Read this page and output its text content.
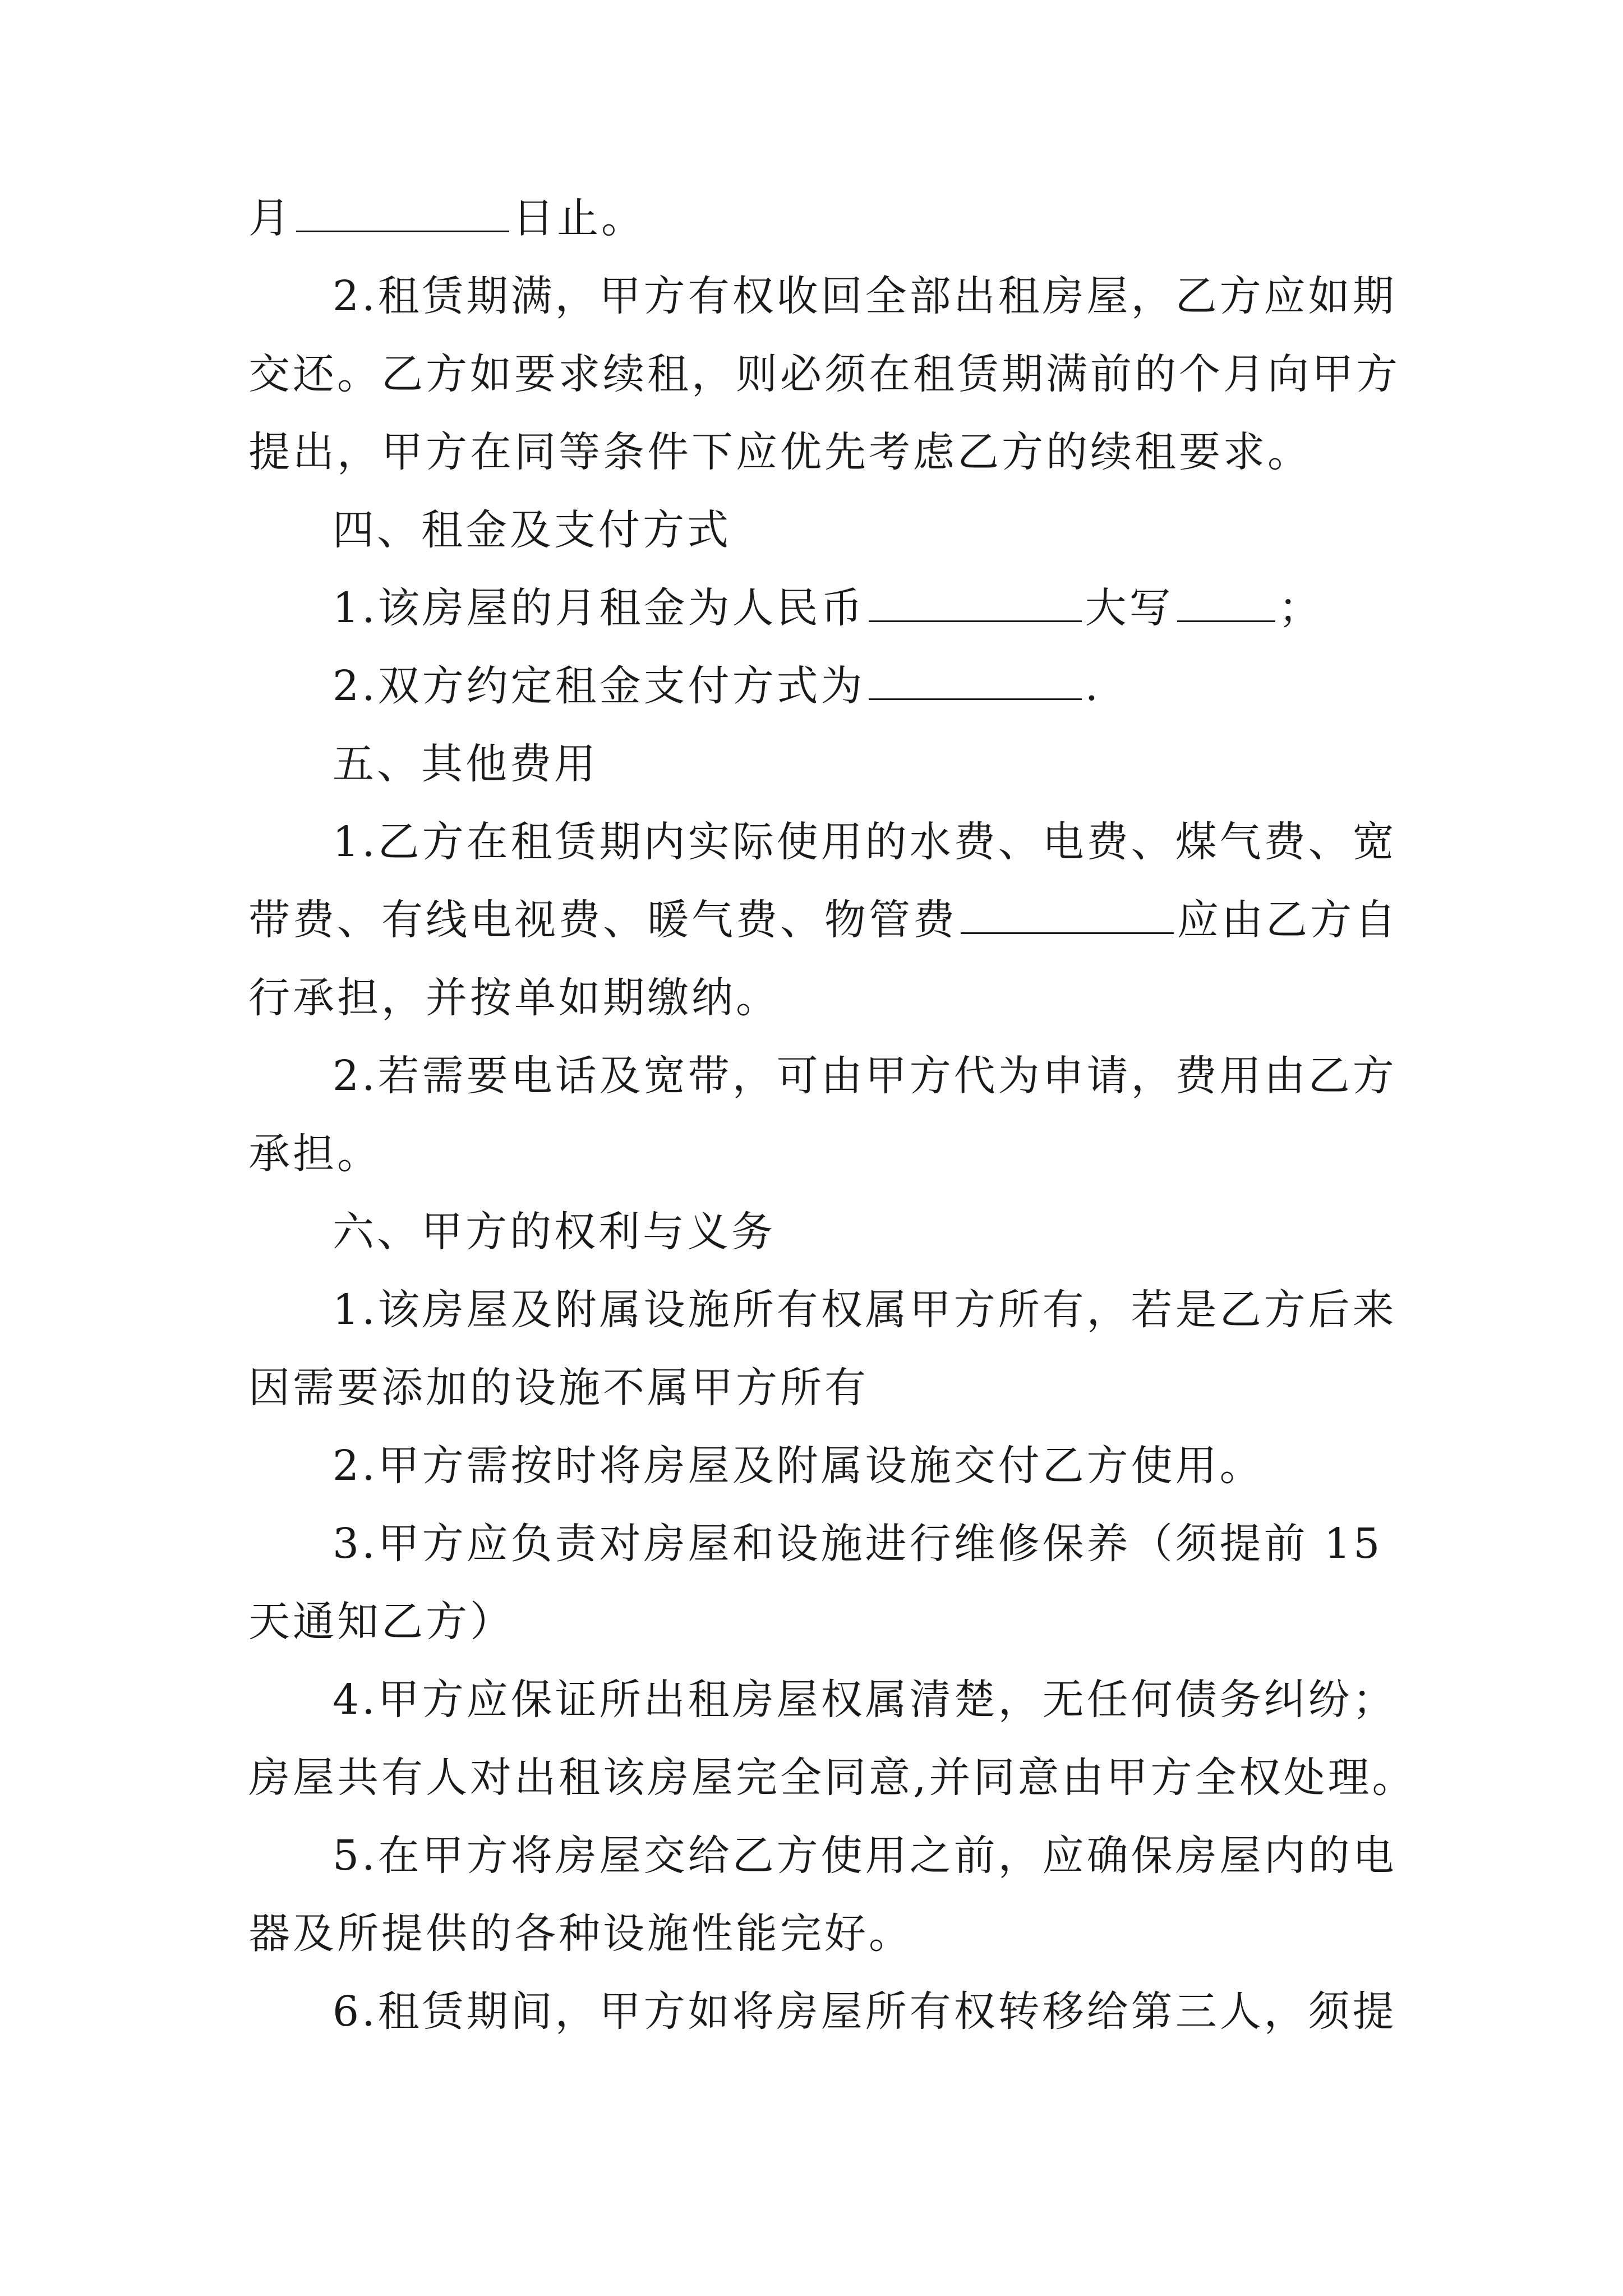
月	日止。
2.租赁期满，甲方有权收回全部出租房屋，乙方应如期
交还。乙方如要求续租，则必须在租赁期满前的个月向甲方
提出，甲方在同等条件下应优先考虑乙方的续租要求。
四、租金及支付方式
1.该房屋的月租金为人民币	大写	；
2.双方约定租金支付方式为	.
五、其他费用
1.乙方在租赁期内实际使用的水费、电费、煤气费、宽
带费、有线电视费、暖气费、物管费	应由乙方自
行承担，并按单如期缴纳。
2.若需要电话及宽带，可由甲方代为申请，费用由乙方
承担。
六、甲方的权利与义务
1.该房屋及附属设施所有权属甲方所有，若是乙方后来
因需要添加的设施不属甲方所有
2.甲方需按时将房屋及附属设施交付乙方使用。
3.甲方应负责对房屋和设施进行维修保养（须提前 15
天通知乙方）
4.甲方应保证所出租房屋权属清楚，无任何债务纠纷；
房屋共有人对出租该房屋完全同意,并同意由甲方全权处理。
5.在甲方将房屋交给乙方使用之前，应确保房屋内的电
器及所提供的各种设施性能完好。
6.租赁期间，甲方如将房屋所有权转移给第三人，须提
